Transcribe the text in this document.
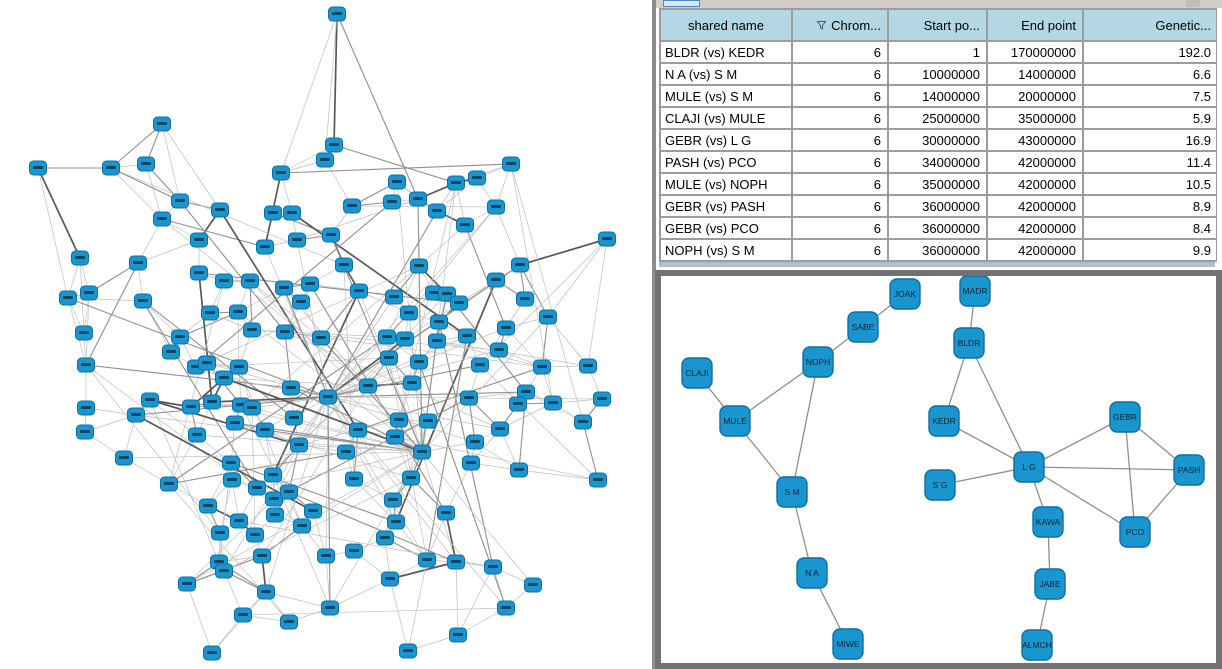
shared name	Chrom...	Start po...	End point	Genetic...
BLDR (vs) KEDR	6	1	170000000	192.0
N A (vs) S M	6	10000000	14000000	6.6
MULE (vs) S M	6	14000000	20000000	7.5
CLAJI (vs) MULE	6	25000000	35000000	5.9
GEBR (vs) L G	6	30000000	43000000	16.9
PASH (vs) PCO	6	34000000	42000000	11.4
MULE (vs) NOPH	6	35000000	42000000	10.5
GEBR (vs) PASH	6	36000000	42000000	8.9
GEBR (vs) PCO	6	36000000	42000000	8.4
NOPH (vs) S M	6	36000000	42000000	9.9
JOAK	MADR
SABE
BLDR
NOPH
CLAJI
MULE	KEDR	GEBR
L G	PASH
S G
S M
KAWA
PCO
N A
JABE
MIWE	ALMCH
